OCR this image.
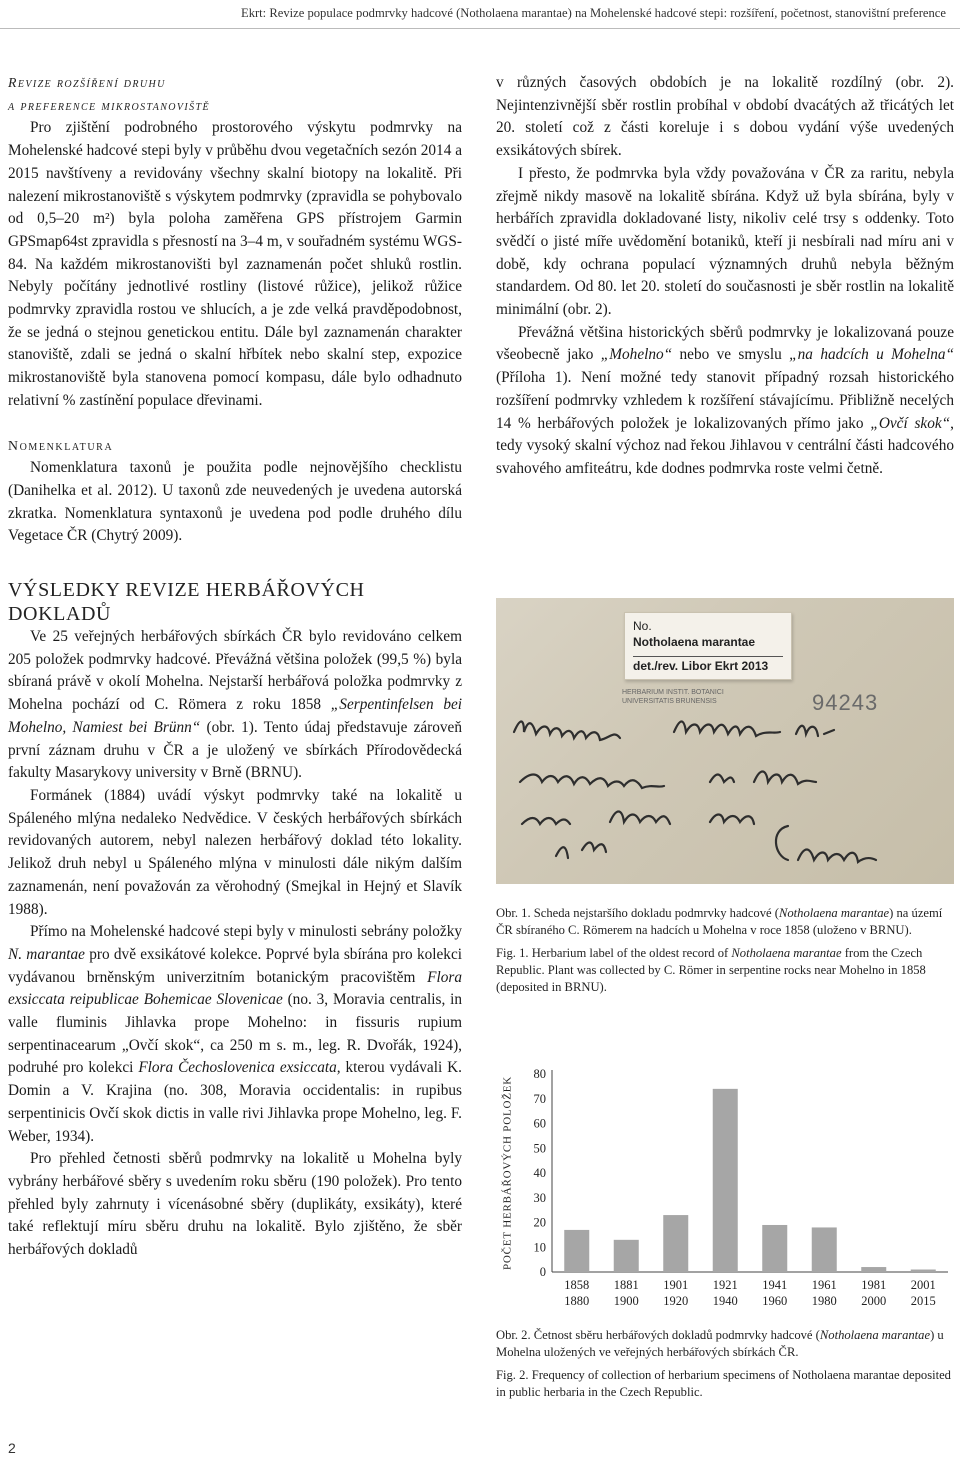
Ekrt: Revize populace podmrvky hadcové (Notholaena marantae) na Mohelenské hadcové stepi: rozšíření, početnost, stanovištní preference
Revize rozšíření druhu
a preference mikrostanoviště

Pro zjištění podrobného prostorového výskytu podmrvky na Mohelenské hadcové stepi byly v průběhu dvou vegetačních sezón 2014 a 2015 navštíveny a revidovány všechny skalní biotopy na lokalitě. Při nalezení mikrostanoviště s výskytem podmrvky (zpravidla se pohybovalo od 0,5–20 m²) byla poloha zaměřena GPS přístrojem Garmin GPSmap64st zpravidla s přesností na 3–4 m, v souřadném systému WGS-84. Na každém mikrostanovišti byl zaznamenán počet shluků rostlin. Nebyly počítány jednotlivé rostliny (listové růžice), jelikož růžice podmrvky zpravidla rostou ve shlucích, a je zde velká pravděpodobnost, že se jedná o stejnou genetickou entitu. Dále byl zaznamenán charakter stanoviště, zdali se jedná o skalní hřbítek nebo skalní step, expozice mikrostanoviště byla stanovena pomocí kompasu, dále bylo odhadnuto relativní % zastínění populace dřevinami.

Nomenklatura

Nomenklatura taxonů je použita podle nejnovějšího checklistu (Danihelka et al. 2012). U taxonů zde neuvedených je uvedena autorská zkratka. Nomenklatura syntaxonů je uvedena pod podle druhého dílu Vegetace ČR (Chytrý 2009).

VÝSLEDKY REVIZE HERBÁŘOVÝCH
DOKLADŮ

Ve 25 veřejných herbářových sbírkách ČR bylo revidováno celkem 205 položek podmrvky hadcové. Převážná většina položek (99,5 %) byla sbíraná právě v okolí Mohelna. Nejstarší herbářová položka podmrvky z Mohelna pochází od C. Römera z roku 1858 „Serpentinfelsen bei Mohelno, Namiest bei Brünn“ (obr. 1). Tento údaj představuje zároveň první záznam druhu v ČR a je uložený ve sbírkách Přírodovědecká fakulty Masarykovy university v Brně (BRNU).

Formánek (1884) uvádí výskyt podmrvky také na lokalitě u Spáleného mlýna nedaleko Nedvědice. V českých herbářových sbírkách revidovaných autorem, nebyl nalezen herbářový doklad této lokality. Jelikož druh nebyl u Spáleného mlýna v minulosti dále nikým dalším zaznamenán, není považován za věrohodný (Smejkal in Hejný et Slavík 1988).

Přímo na Mohelenské hadcové stepi byly v minulosti sebrány položky N. marantae pro dvě exsikátové kolekce. Poprvé byla sbírána pro kolekci vydávanou brněnským univerzitním botanickým pracovištěm Flora exsiccata reipublicae Bohemicae Slovenicae (no. 3, Moravia centralis, in valle fluminis Jihlavka prope Mohelno: in fissuris rupium serpentinacearum „Ovčí skok“, ca 250 m s. m., leg. R. Dvořák, 1924), podruhé pro kolekci Flora Čechoslovenica exsiccata, kterou vydávali K. Domin a V. Krajina (no. 308, Moravia occidentalis: in rupibus serpentinicis Ovčí skok dictis in valle rivi Jihlavka prope Mohelno, leg. F. Weber, 1934).

Pro přehled četnosti sběrů podmrvky na lokalitě u Mohelna byly vybrány herbářové sběry s uvedením roku sběru (190 položek). Pro tento přehled byly zahrnuty i vícenásobné sběry (duplikáty, exsikáty), které také reflektují míru sběru druhu na lokalitě. Bylo zjištěno, že sběr herbářových dokladů

v různých časových obdobích je na lokalitě rozdílný (obr. 2). Nejintenzivnější sběr rostlin probíhal v období dvacátých až třicátých let 20. století což z části koreluje i s dobou vydání výše uvedených exsikátových sbírek.

I přesto, že podmrvka byla vždy považována v ČR za raritu, nebyla zřejmě nikdy masově na lokalitě sbírána. Když už byla sbírána, byly v herbářích zpravidla dokladované listy, nikoliv celé trsy s oddenky. Toto svědčí o jisté míře uvědomění botaniků, kteří ji nesbírali nad míru ani v době, kdy ochrana populací významných druhů nebyla běžným standardem. Od 80. let 20. století do současnosti je sběr rostlin na lokalitě minimální (obr. 2).

Převážná většina historických sběrů podmrvky je lokalizovaná pouze všeobecně jako „Mohelno“ nebo ve smyslu „na hadcích u Mohelna“ (Příloha 1). Není možné tedy stanovit případný rozsah historického rozšíření podmrvky vzhledem k rozšíření stávajícímu. Přibližně necelých 14 % herbářových položek je lokalizovaných přímo jako „Ovčí skok“, tedy vysoký skalní výchoz nad řekou Jihlavou v centrální části hadcového svahového amfiteátru, kde dodnes podmrvka roste velmi četně.

No.
Notholaena marantae
det./rev. Libor Ekrt 2013
94243
HERBARIUM INSTIT. BOTANICI UNIVERSITATIS BRUNENSIS

Obr. 1. Scheda nejstaršího dokladu podmrvky hadcové (Notholaena marantae) na území ČR sbíraného C. Römerem na hadcích u Mohelna v roce 1858 (uloženo v BRNU).

Fig. 1. Herbarium label of the oldest record of Notholaena marantae from the Czech Republic. Plant was collected by C. Römer in serpentine rocks near Mohelno in 1858 (deposited in BRNU).

POČET HERBÁŘOVÝCH POLOŽEK
0
10
20
30
40
50
60
70
80
1858
1880
1881
1900
1901
1920
1921
1940
1941
1960
1961
1980
1981
2000
2001
2015

Obr. 2. Četnost sběru herbářových dokladů podmrvky hadcové (Notholaena marantae) u Mohelna uložených ve veřejných herbářových sbírkách ČR.

Fig. 2. Frequency of collection of herbarium specimens of Notholaena marantae deposited in public herbaria in the Czech Republic.

2
